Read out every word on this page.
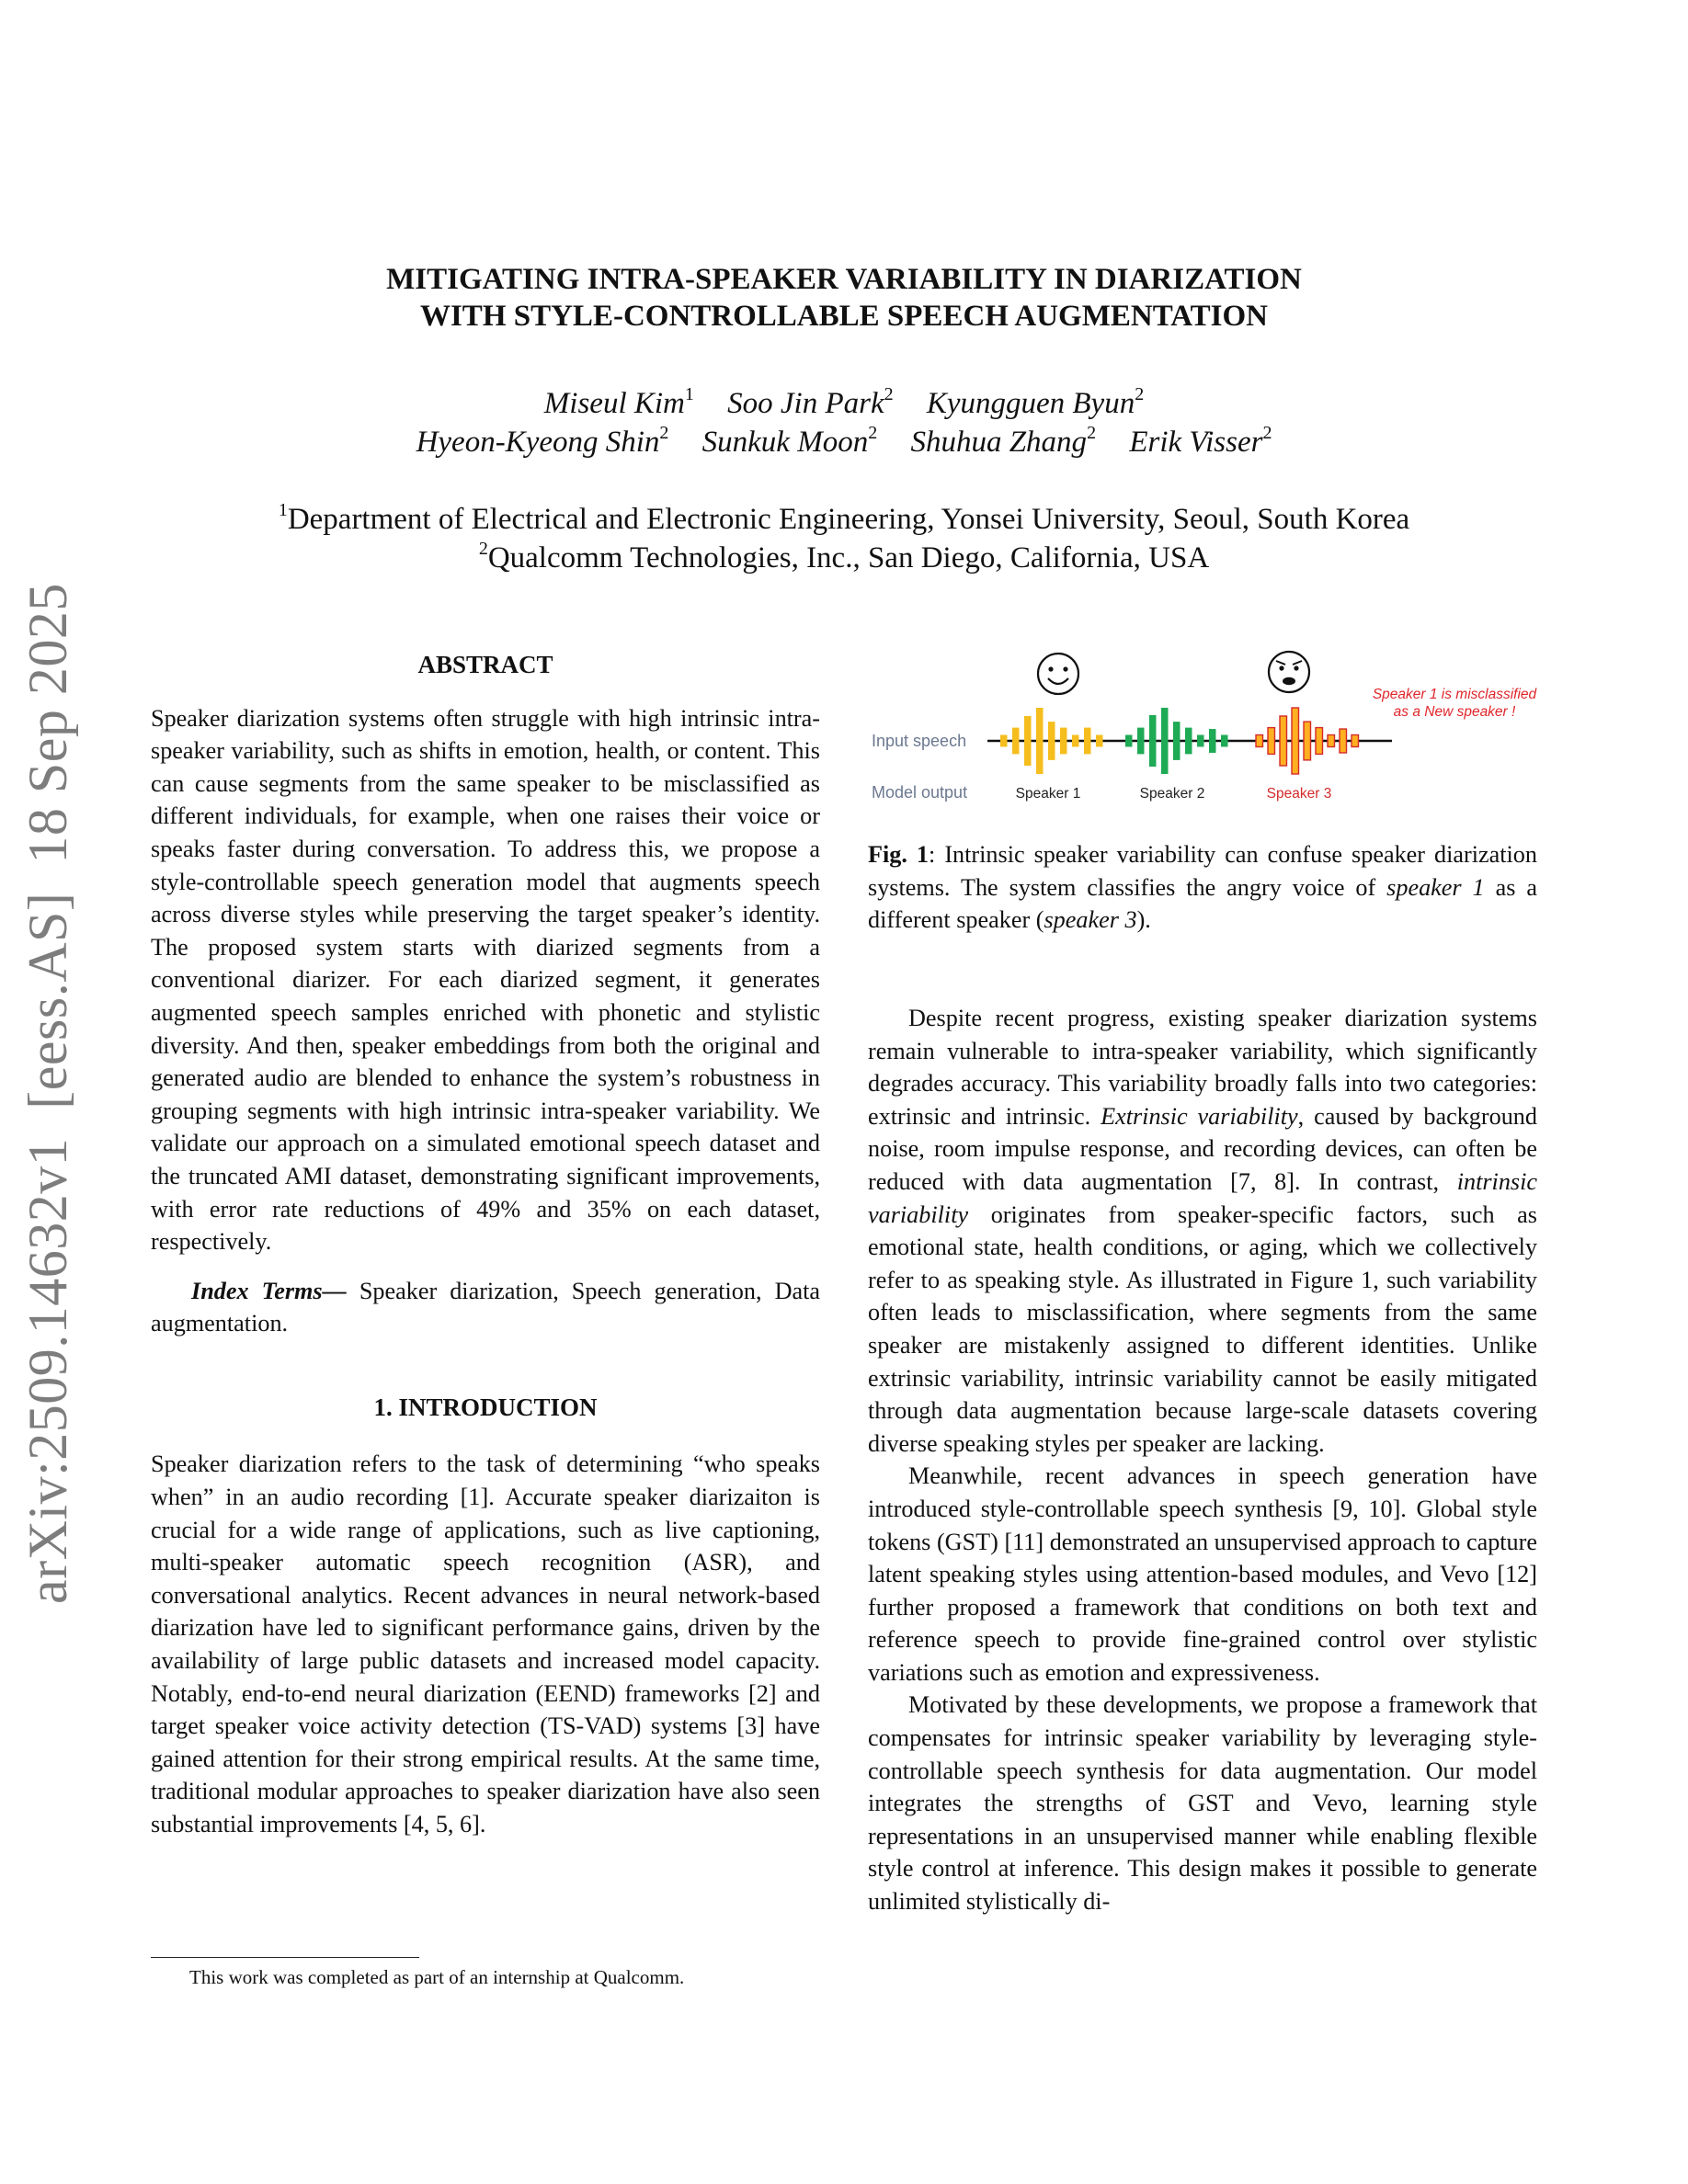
arXiv:2509.14632v1  [eess.AS]  18 Sep 2025
MITIGATING INTRA-SPEAKER VARIABILITY IN DIARIZATION
WITH STYLE-CONTROLLABLE SPEECH AUGMENTATION
Miseul Kim$^1$ Soo Jin Park$^2$ Kyungguen Byun$^2$
Hyeon-Kyeong Shin$^2$ Sunkuk Moon$^2$ Shuhua Zhang$^2$ Erik Visser$^2$
$^1$Department of Electrical and Electronic Engineering, Yonsei University, Seoul, South Korea
$^2$Qualcomm Technologies, Inc., San Diego, California, USA
ABSTRACT

Speaker diarization systems often struggle with high intrinsic intra-speaker variability, such as shifts in emotion, health, or content. This can cause segments from the same speaker to be misclassified as different individuals, for example, when one raises their voice or speaks faster during conversation. To address this, we propose a style-controllable speech generation model that augments speech across diverse styles while preserving the target speaker’s identity. The proposed system starts with diarized segments from a conventional diarizer. For each diarized segment, it generates augmented speech samples enriched with phonetic and stylistic diversity. And then, speaker embeddings from both the original and generated audio are blended to enhance the system’s robustness in grouping segments with high intrinsic intra-speaker variability. We validate our approach on a simulated emotional speech dataset and the truncated AMI dataset, demonstrating significant improvements, with error rate reductions of 49% and 35% on each dataset, respectively.

Index Terms— Speaker diarization, Speech generation, Data augmentation.

1. INTRODUCTION

Speaker diarization refers to the task of determining “who speaks when” in an audio recording [1]. Accurate speaker diarizaiton is crucial for a wide range of applications, such as live captioning, multi-speaker automatic speech recognition (ASR), and conversational analytics. Recent advances in neural network-based diarization have led to significant performance gains, driven by the availability of large public datasets and increased model capacity. Notably, end-to-end neural diarization (EEND) frameworks [2] and target speaker voice activity detection (TS-VAD) systems [3] have gained attention for their strong empirical results. At the same time, traditional modular approaches to speaker diarization have also seen substantial improvements [4, 5, 6].

This work was completed as part of an internship at Qualcomm.
Input speech
Model output
Speaker 1 is misclassified
as a New speaker !
Speaker 1	Speaker 2	Speaker 3

Fig. 1: Intrinsic speaker variability can confuse speaker diarization systems. The system classifies the angry voice of speaker 1 as a different speaker (speaker 3).

Despite recent progress, existing speaker diarization systems remain vulnerable to intra-speaker variability, which significantly degrades accuracy. This variability broadly falls into two categories: extrinsic and intrinsic. Extrinsic variability, caused by background noise, room impulse response, and recording devices, can often be reduced with data augmentation [7, 8]. In contrast, intrinsic variability originates from speaker-specific factors, such as emotional state, health conditions, or aging, which we collectively refer to as speaking style. As illustrated in Figure 1, such variability often leads to misclassification, where segments from the same speaker are mistakenly assigned to different identities. Unlike extrinsic variability, intrinsic variability cannot be easily mitigated through data augmentation because large-scale datasets covering diverse speaking styles per speaker are lacking.

Meanwhile, recent advances in speech generation have introduced style-controllable speech synthesis [9, 10]. Global style tokens (GST) [11] demonstrated an unsupervised approach to capture latent speaking styles using attention-based modules, and Vevo [12] further proposed a framework that conditions on both text and reference speech to provide fine-grained control over stylistic variations such as emotion and expressiveness.

Motivated by these developments, we propose a framework that compensates for intrinsic speaker variability by leveraging style-controllable speech synthesis for data augmentation. Our model integrates the strengths of GST and Vevo, learning style representations in an unsupervised manner while enabling flexible style control at inference. This design makes it possible to generate unlimited stylistically di-
